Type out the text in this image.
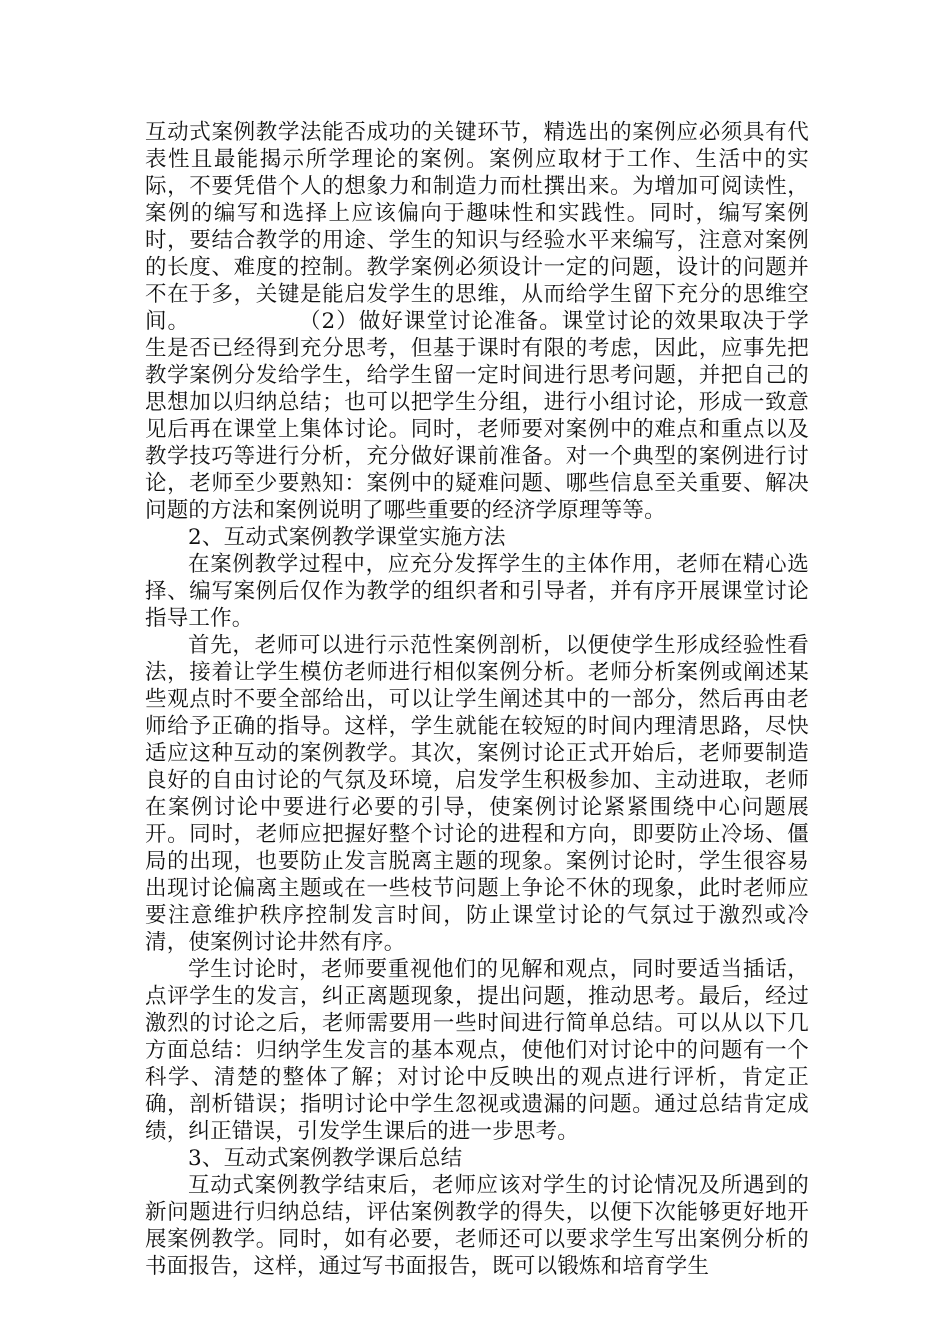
互动式案例教学法能否成功的关键环节，精选出的案例应必须具有代表性且最能揭示所学理论的案例。案例应取材于工作、生活中的实际，不要凭借个人的想象力和制造力而杜撰出来。为增加可阅读性，案例的编写和选择上应该偏向于趣味性和实践性。同时，编写案例时，要结合教学的用途、学生的知识与经验水平来编写，注意对案例的长度、难度的控制。教学案例必须设计一定的问题，设计的问题并不在于多，关键是能启发学生的思维，从而给学生留下充分的思维空间。	（2）做好课堂讨论准备。课堂讨论的效果取决于学生是否已经得到充分思考，但基于课时有限的考虑，因此，应事先把教学案例分发给学生，给学生留一定时间进行思考问题，并把自己的思想加以归纳总结；也可以把学生分组，进行小组讨论，形成一致意见后再在课堂上集体讨论。同时，老师要对案例中的难点和重点以及教学技巧等进行分析，充分做好课前准备。对一个典型的案例进行讨论，老师至少要熟知：案例中的疑难问题、哪些信息至关重要、解决问题的方法和案例说明了哪些重要的经济学原理等等。

2、互动式案例教学课堂实施方法

在案例教学过程中，应充分发挥学生的主体作用，老师在精心选择、编写案例后仅作为教学的组织者和引导者，并有序开展课堂讨论指导工作。

首先，老师可以进行示范性案例剖析，以便使学生形成经验性看法，接着让学生模仿老师进行相似案例分析。老师分析案例或阐述某些观点时不要全部给出，可以让学生阐述其中的一部分，然后再由老师给予正确的指导。这样，学生就能在较短的时间内理清思路，尽快适应这种互动的案例教学。其次，案例讨论正式开始后，老师要制造良好的自由讨论的气氛及环境，启发学生积极参加、主动进取，老师在案例讨论中要进行必要的引导，使案例讨论紧紧围绕中心问题展开。同时，老师应把握好整个讨论的进程和方向，即要防止冷场、僵局的出现，也要防止发言脱离主题的现象。案例讨论时，学生很容易出现讨论偏离主题或在一些枝节问题上争论不休的现象，此时老师应要注意维护秩序控制发言时间，防止课堂讨论的气氛过于激烈或冷清，使案例讨论井然有序。

学生讨论时，老师要重视他们的见解和观点，同时要适当插话，点评学生的发言，纠正离题现象，提出问题，推动思考。最后，经过激烈的讨论之后，老师需要用一些时间进行简单总结。可以从以下几方面总结：归纳学生发言的基本观点，使他们对讨论中的问题有一个科学、清楚的整体了解；对讨论中反映出的观点进行评析，肯定正确，剖析错误；指明讨论中学生忽视或遗漏的问题。通过总结肯定成绩，纠正错误，引发学生课后的进一步思考。

3、互动式案例教学课后总结

互动式案例教学结束后，老师应该对学生的讨论情况及所遇到的新问题进行归纳总结，评估案例教学的得失，以便下次能够更好地开展案例教学。同时，如有必要，老师还可以要求学生写出案例分析的书面报告，这样，通过写书面报告，既可以锻炼和培育学生
